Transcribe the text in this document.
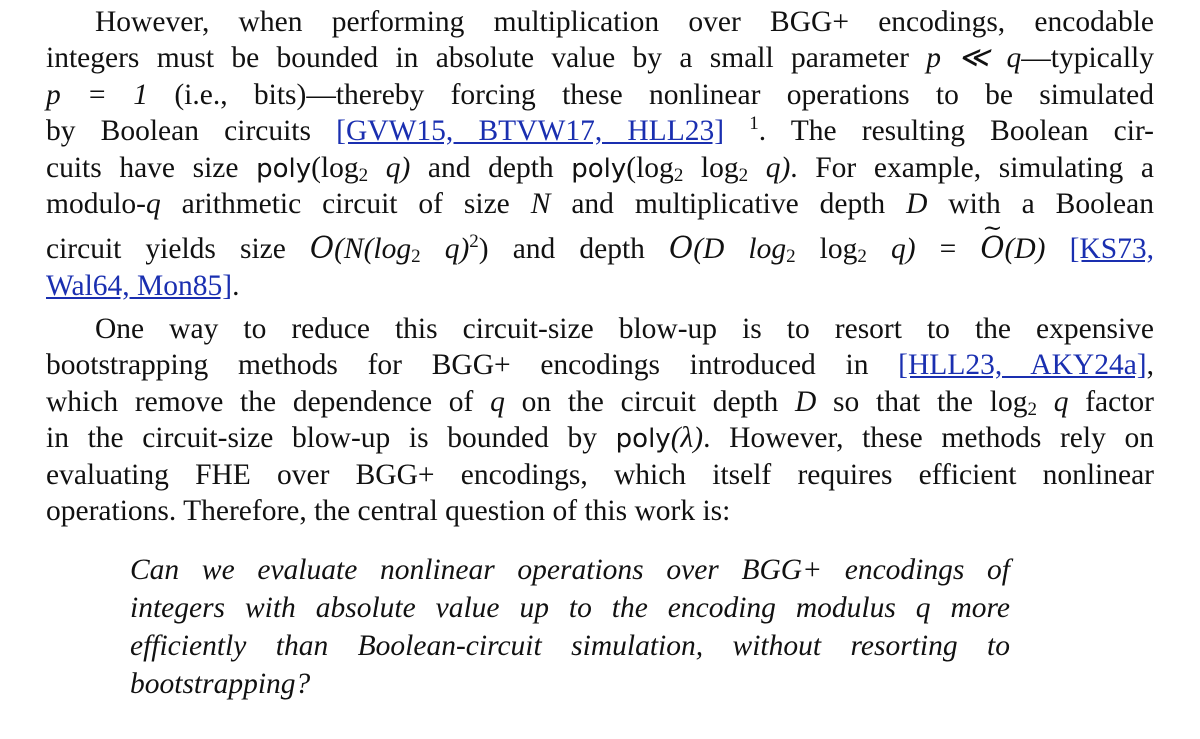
However, when performing multiplication over BGG+ encodings, encodable
integers must be bounded in absolute value by a small parameter p ≪ q—typically
p = 1 (i.e., bits)—thereby forcing these nonlinear operations to be simulated
by Boolean circuits [GVW15, BTVW17, HLL23] $^1$. The resulting Boolean cir-
cuits have size $poly(\log_2$ q) and depth $poly(\log_2$ $\log_2 q$). For example, simulating a
modulo-q arithmetic circuit of size N and multiplicative depth D with a Boolean
circuit yields size $O(N(\log_2$ q)$^2$) and depth O(D $\log_2 \log_2 q$) = ~ O(D) [KS73,
Wal64, Mon85].
One way to reduce this circuit-size blow-up is to resort to the expensive
bootstrapping methods for BGG+ encodings introduced in [HLL23, AKY24a],
which remove the dependence of q on the circuit depth D so that the $\log_2 q$ factor
in the circuit-size blow-up is bounded by poly(λ). However, these methods rely on
evaluating FHE over BGG+ encodings, which itself requires efficient nonlinear
operations. Therefore, the central question of this work is:
Can we evaluate nonlinear operations over BGG+ encodings of
integers with absolute value up to the encoding modulus q more
efficiently than Boolean-circuit simulation, without resorting to
bootstrapping?
